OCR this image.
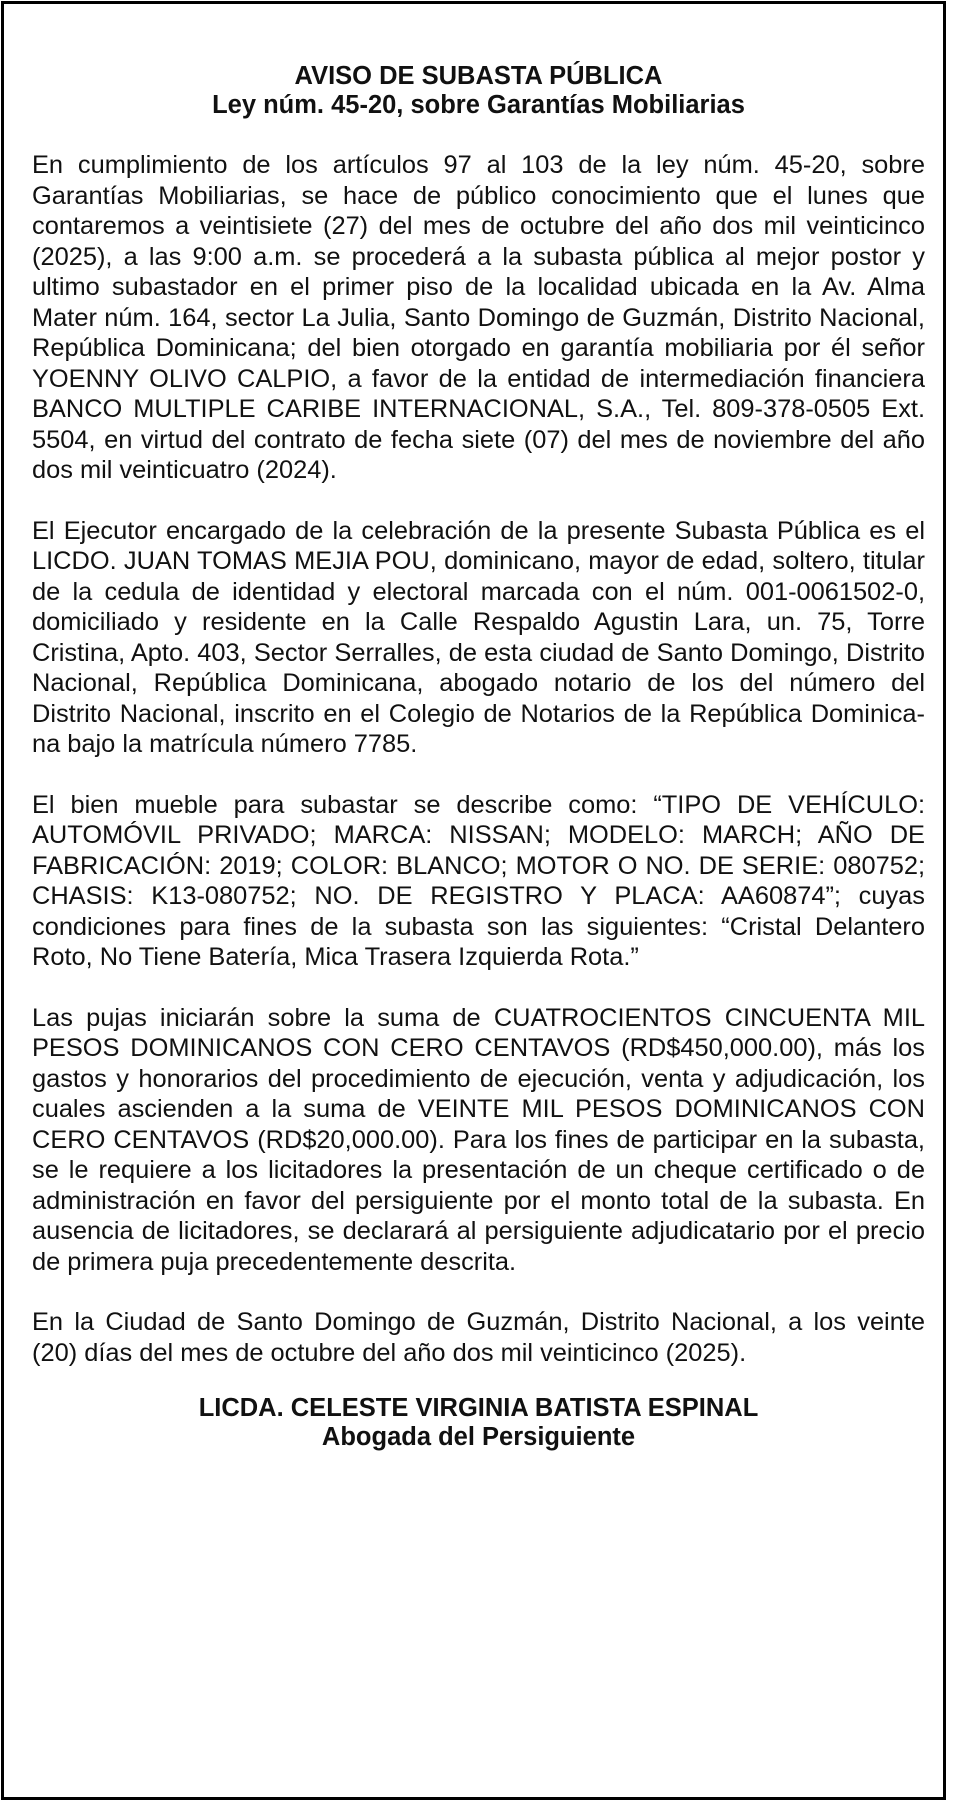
AVISO DE SUBASTA PÚBLICA
Ley núm. 45-20, sobre Garantías Mobiliarias

En cumplimiento de los artículos 97 al 103 de la ley núm. 45-20, sobre Garantías Mobiliarias, se hace de público conocimiento que el lunes que contaremos a veintisiete (27) del mes de octubre del año dos mil veinticinco (2025), a las 9:00 a.m. se procederá a la subasta pública al mejor postor y ultimo subastador en el primer piso de la localidad ubicada en la Av. Alma Mater núm. 164, sector La Julia, Santo Domingo de Guzmán, Distrito Nacional, República Dominicana; del bien otorgado en garantía mobiliaria por él señor YOENNY OLIVO CALPIO, a favor de la entidad de intermediación financiera BANCO MULTIPLE CARIBE INTERNACIONAL, S.A., Tel. 809-378-0505 Ext. 5504, en virtud del contrato de fecha siete (07) del mes de noviembre del año dos mil veinticuatro (2024).

El Ejecutor encargado de la celebración de la presente Subasta Pública es el LICDO. JUAN TOMAS MEJIA POU, dominicano, mayor de edad, soltero, titular de la cedula de identidad y electoral marcada con el núm. 001-0061502-0, domiciliado y residente en la Calle Respaldo Agustin Lara, un. 75, Torre Cristina, Apto. 403, Sector Serralles, de esta ciudad de Santo Domingo, Distrito Nacional, República Dominicana, abogado notario de los del número del Distrito Nacional, inscrito en el Colegio de Notarios de la República Dominicana bajo la matrícula número 7785.

El bien mueble para subastar se describe como: “TIPO DE VEHÍCULO: AUTOMÓVIL PRIVADO; MARCA: NISSAN; MODELO: MARCH; AÑO DE FABRICACIÓN: 2019; COLOR: BLANCO; MOTOR O NO. DE SERIE: 080752; CHASIS: K13-080752; NO. DE REGISTRO Y PLACA: AA60874”; cuyas condiciones para fines de la subasta son las siguientes: “Cristal Delantero Roto, No Tiene Batería, Mica Trasera Izquierda Rota.”

Las pujas iniciarán sobre la suma de CUATROCIENTOS CINCUENTA MIL PESOS DOMINICANOS CON CERO CENTAVOS (RD$450,000.00), más los gastos y honorarios del procedimiento de ejecución, venta y adjudicación, los cuales ascienden a la suma de VEINTE MIL PESOS DOMINICANOS CON CERO CENTAVOS (RD$20,000.00). Para los fines de participar en la subasta, se le requiere a los licitadores la presentación de un cheque certificado o de administración en favor del persiguiente por el monto total de la subasta. En ausencia de licitadores, se declarará al persiguiente adjudicatario por el precio de primera puja precedentemente descrita.

En la Ciudad de Santo Domingo de Guzmán, Distrito Nacional, a los veinte (20) días del mes de octubre del año dos mil veinticinco (2025).

LICDA. CELESTE VIRGINIA BATISTA ESPINAL
Abogada del Persiguiente
